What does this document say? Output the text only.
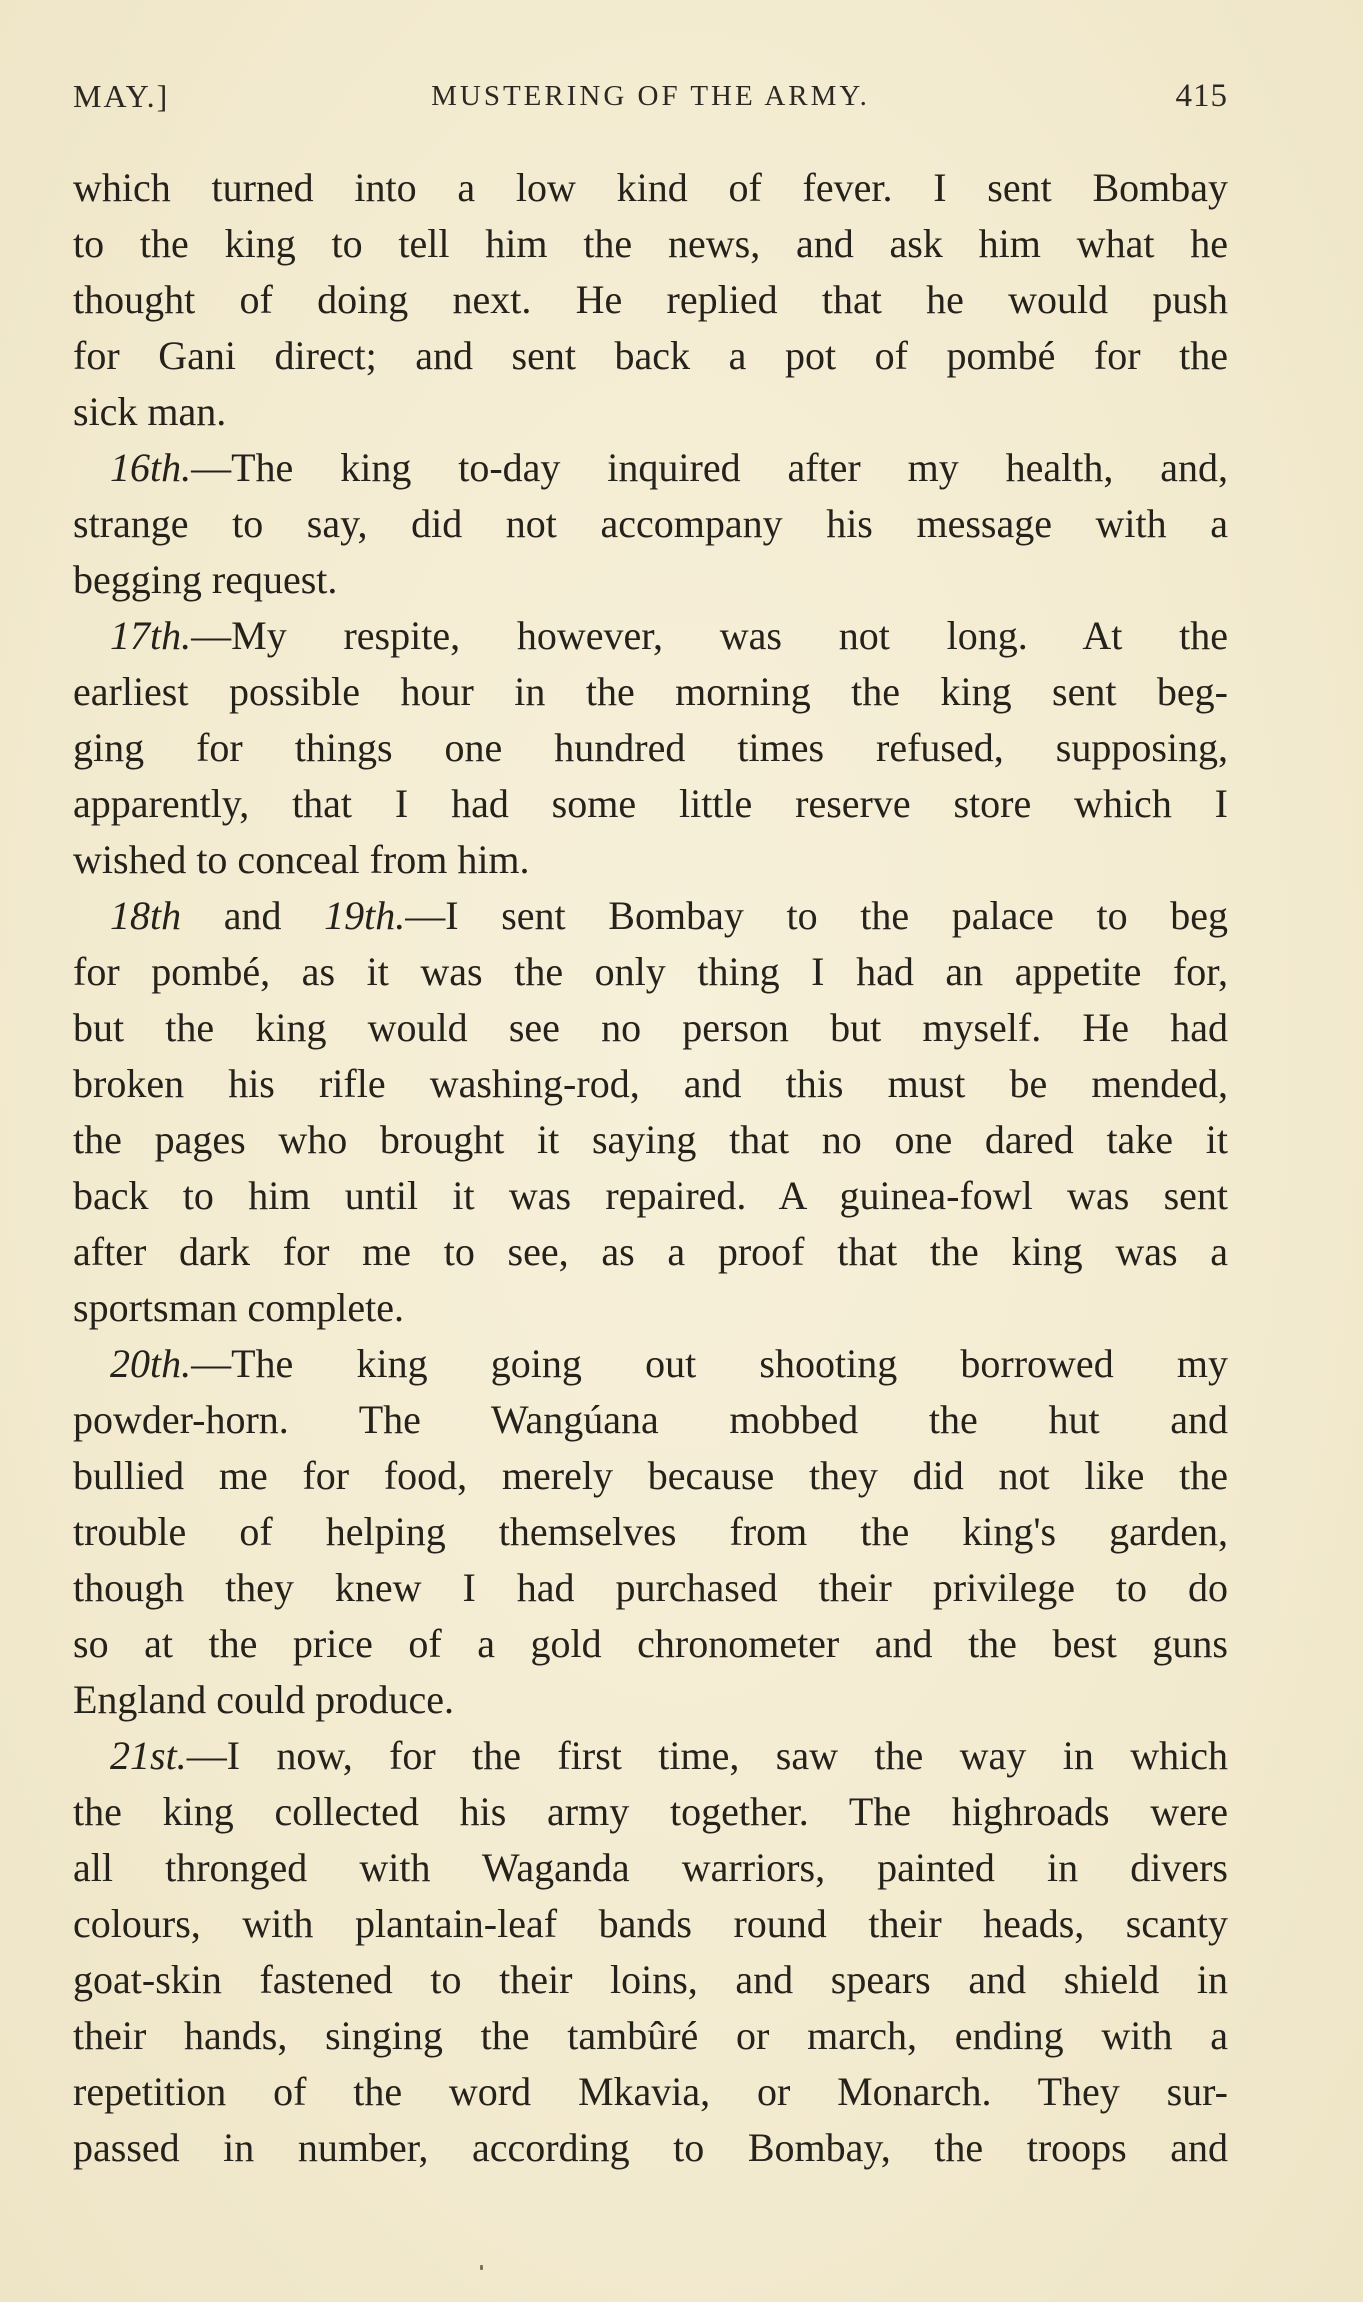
MAY.]	MUSTERING OF THE ARMY.	415
which turned into a low kind of fever. I sent Bombay
to the king to tell him the news, and ask him what he
thought of doing next. He replied that he would push
for Gani direct; and sent back a pot of pombé for the
sick man.
16th.—The king to-day inquired after my health, and,
strange to say, did not accompany his message with a
begging request.
17th.—My respite, however, was not long. At the
earliest possible hour in the morning the king sent beg-
ging for things one hundred times refused, supposing,
apparently, that I had some little reserve store which I
wished to conceal from him.
18th and 19th.—I sent Bombay to the palace to beg
for pombé, as it was the only thing I had an appetite for,
but the king would see no person but myself. He had
broken his rifle washing-rod, and this must be mended,
the pages who brought it saying that no one dared take it
back to him until it was repaired. A guinea-fowl was sent
after dark for me to see, as a proof that the king was a
sportsman complete.
20th.—The king going out shooting borrowed my
powder-horn. The Wangúana mobbed the hut and
bullied me for food, merely because they did not like the
trouble of helping themselves from the king's garden,
though they knew I had purchased their privilege to do
so at the price of a gold chronometer and the best guns
England could produce.
21st.—I now, for the first time, saw the way in which
the king collected his army together. The highroads were
all thronged with Waganda warriors, painted in divers
colours, with plantain-leaf bands round their heads, scanty
goat-skin fastened to their loins, and spears and shield in
their hands, singing the tambûré or march, ending with a
repetition of the word Mkavia, or Monarch. They sur-
passed in number, according to Bombay, the troops and
